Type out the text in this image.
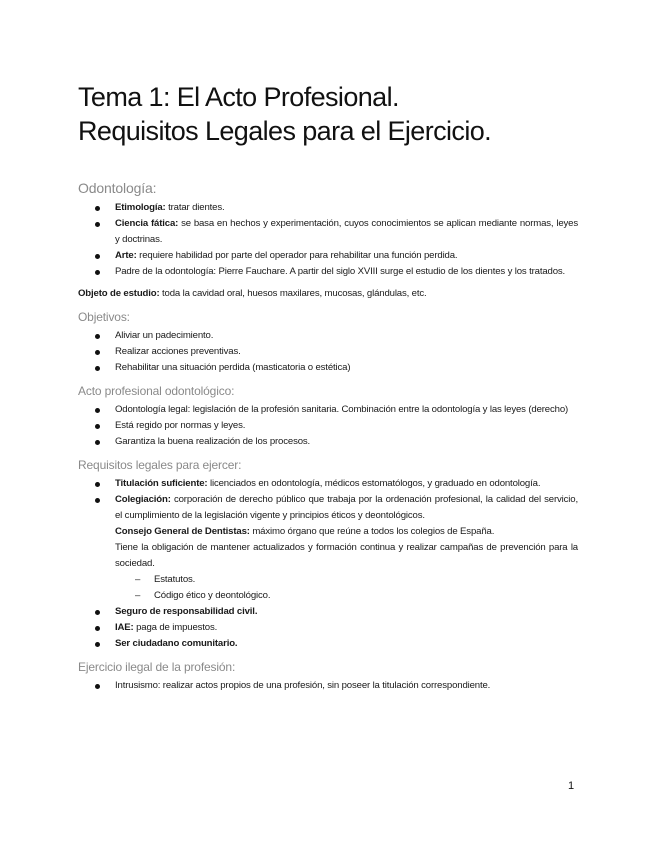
Tema 1: El Acto Profesional.
Requisitos Legales para el Ejercicio.
Odontología:
Etimología: tratar dientes.
Ciencia fática: se basa en hechos y experimentación, cuyos conocimientos se aplican mediante normas, leyes y doctrinas.
Arte: requiere habilidad por parte del operador para rehabilitar una función perdida.
Padre de la odontología: Pierre Fauchare. A partir del siglo XVIII surge el estudio de los dientes y los tratados.
Objeto de estudio: toda la cavidad oral, huesos maxilares, mucosas, glándulas, etc.
Objetivos:
Aliviar un padecimiento.
Realizar acciones preventivas.
Rehabilitar una situación perdida (masticatoria o estética)
Acto profesional odontológico:
Odontología legal: legislación de la profesión sanitaria. Combinación entre la odontología y las leyes (derecho)
Está regido por normas y leyes.
Garantiza la buena realización de los procesos.
Requisitos legales para ejercer:
Titulación suficiente: licenciados en odontología, médicos estomatólogos, y graduado en odontología.
Colegiación: corporación de derecho público que trabaja por la ordenación profesional, la calidad del servicio, el cumplimiento de la legislación vigente y principios éticos y deontológicos.
Consejo General de Dentistas: máximo órgano que reúne a todos los colegios de España.
Tiene la obligación de mantener actualizados y formación continua y realizar campañas de prevención para la sociedad.
– Estatutos.
– Código ético y deontológico.
Seguro de responsabilidad civil.
IAE: paga de impuestos.
Ser ciudadano comunitario.
Ejercicio ilegal de la profesión:
Intrusismo: realizar actos propios de una profesión, sin poseer la titulación correspondiente.
1
